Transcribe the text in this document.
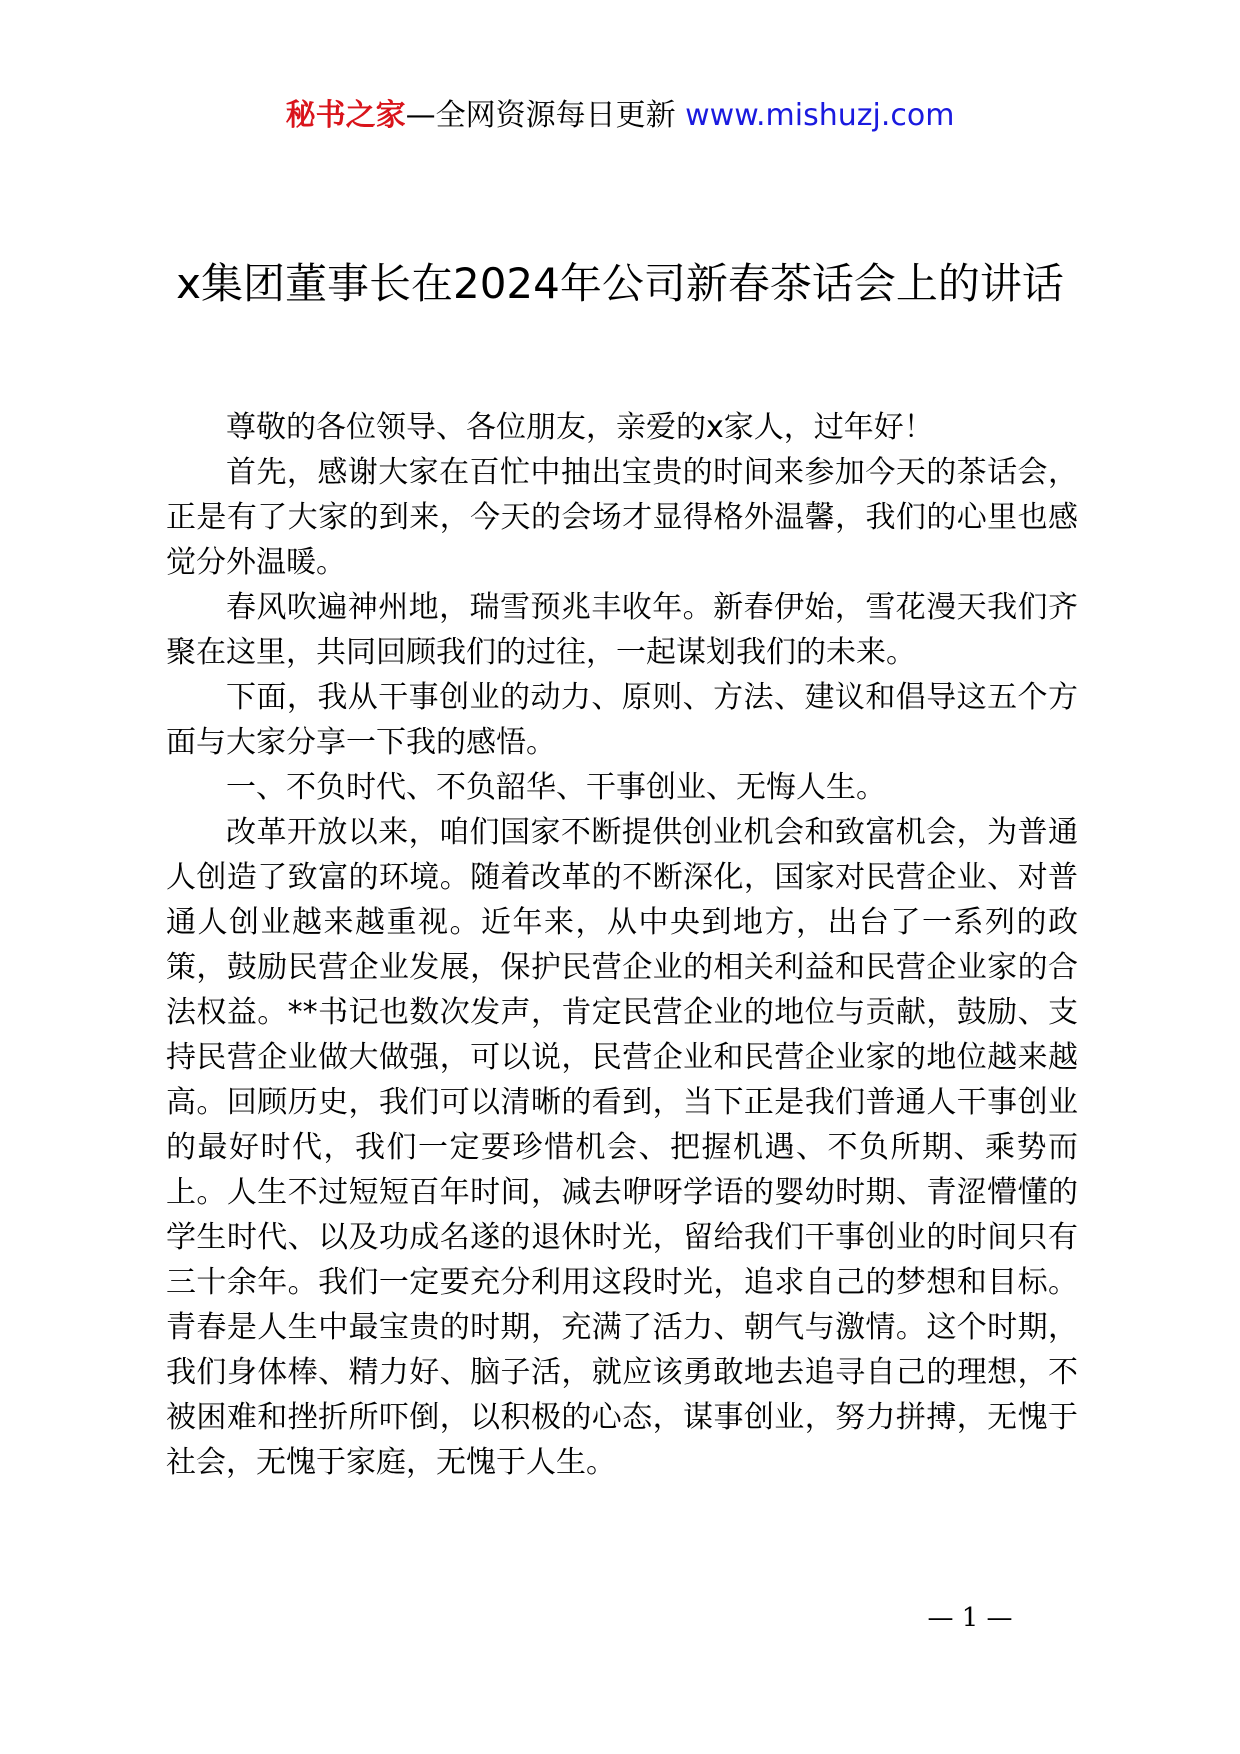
秘书之家—全网资源每日更新 www.mishuzj.com
x集团董事长在2024年公司新春茶话会上的讲话

尊敬的各位领导、各位朋友，亲爱的x家人，过年好！

首先，感谢大家在百忙中抽出宝贵的时间来参加今天的茶话会，正是有了大家的到来，今天的会场才显得格外温馨，我们的心里也感觉分外温暖。

春风吹遍神州地，瑞雪预兆丰收年。新春伊始，雪花漫天我们齐聚在这里，共同回顾我们的过往，一起谋划我们的未来。

下面，我从干事创业的动力、原则、方法、建议和倡导这五个方面与大家分享一下我的感悟。

一、不负时代、不负韶华、干事创业、无悔人生。

改革开放以来，咱们国家不断提供创业机会和致富机会，为普通人创造了致富的环境。随着改革的不断深化，国家对民营企业、对普通人创业越来越重视。近年来，从中央到地方，出台了一系列的政策，鼓励民营企业发展，保护民营企业的相关利益和民营企业家的合法权益。**书记也数次发声，肯定民营企业的地位与贡献，鼓励、支持民营企业做大做强，可以说，民营企业和民营企业家的地位越来越高。回顾历史，我们可以清晰的看到，当下正是我们普通人干事创业的最好时代，我们一定要珍惜机会、把握机遇、不负所期、乘势而上。人生不过短短百年时间，减去咿呀学语的婴幼时期、青涩懵懂的学生时代、以及功成名遂的退休时光，留给我们干事创业的时间只有三十余年。我们一定要充分利用这段时光，追求自己的梦想和目标。青春是人生中最宝贵的时期，充满了活力、朝气与激情。这个时期，我们身体棒、精力好、脑子活，就应该勇敢地去追寻自己的理想，不被困难和挫折所吓倒，以积极的心态，谋事创业，努力拼搏，无愧于社会，无愧于家庭，无愧于人生。

— 1 —
